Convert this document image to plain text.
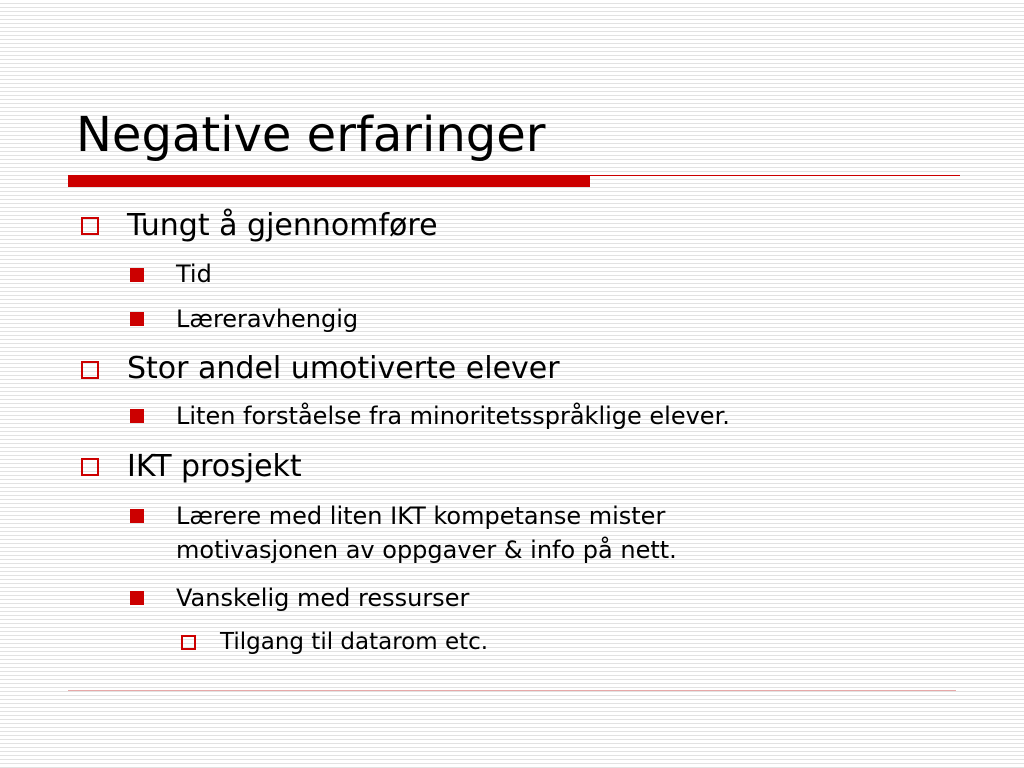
Negative erfaringer
Tungt å gjennomføre
Tid
Læreravhengig
Stor andel umotiverte elever
Liten forståelse fra minoritetsspråklige elever.
IKT prosjekt
Lærere med liten IKT kompetanse mister
motivasjonen av oppgaver & info på nett.
Vanskelig med ressurser
Tilgang til datarom etc.
